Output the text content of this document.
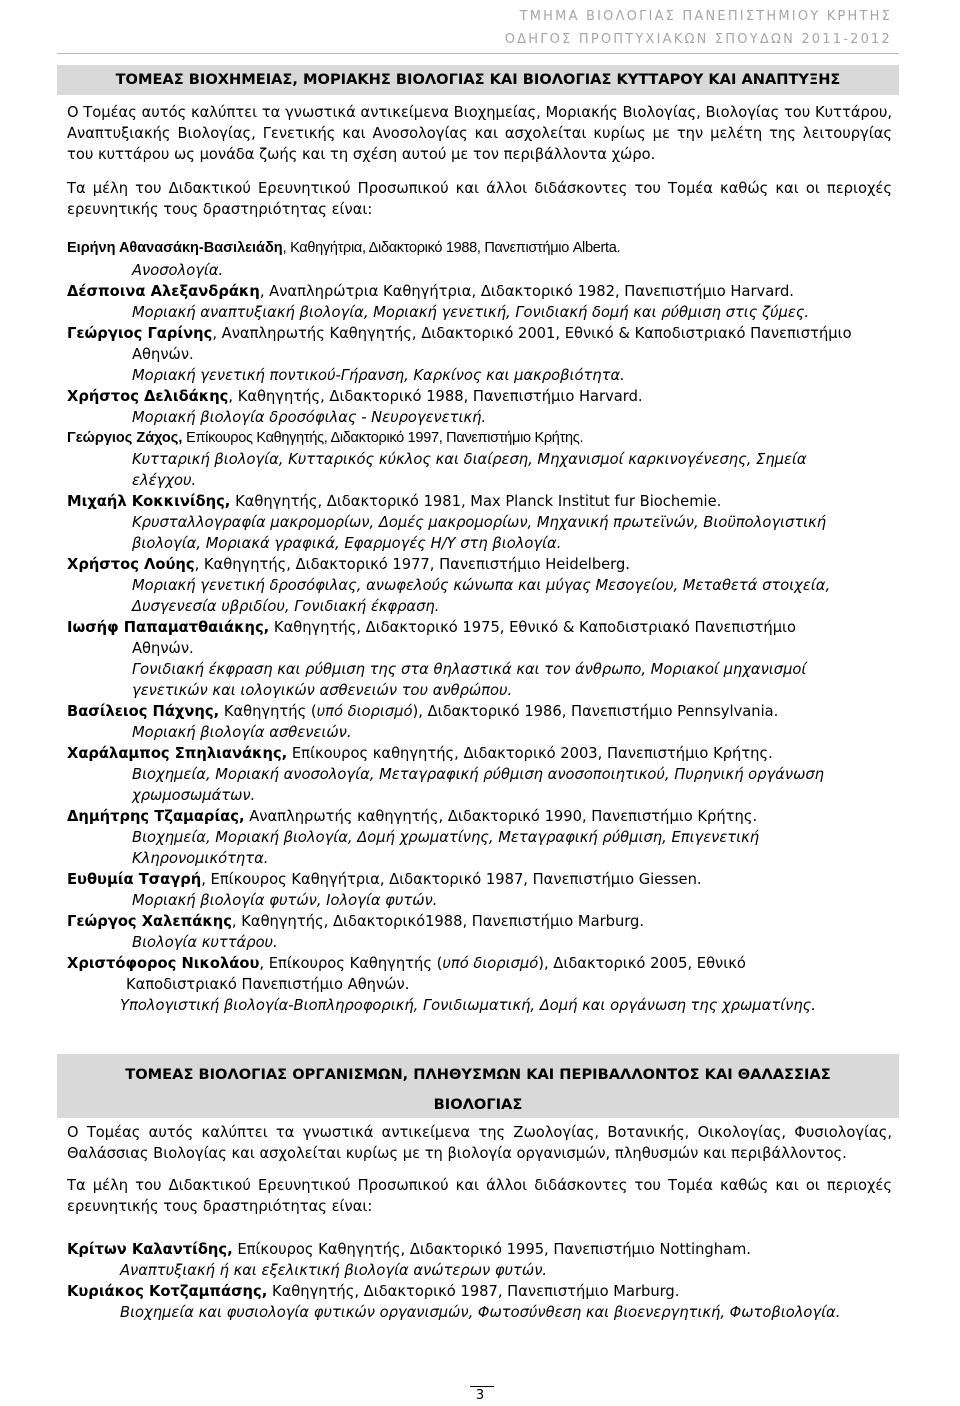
ΤΜΗΜΑ ΒΙΟΛΟΓΙΑΣ ΠΑΝΕΠΙΣΤΗΜΙΟΥ ΚΡΗΤΗΣ
ΟΔΗΓΟΣ ΠΡΟΠΤΥΧΙΑΚΩΝ ΣΠΟΥΔΩΝ 2011-2012
ΤΟΜΕΑΣ ΒΙΟΧΗΜΕΙΑΣ, ΜΟΡΙΑΚΗΣ ΒΙΟΛΟΓΙΑΣ ΚΑΙ ΒΙΟΛΟΓΙΑΣ ΚΥΤΤΑΡΟΥ ΚΑΙ ΑΝΑΠΤΥΞΗΣ

Ο Τομέας αυτός καλύπτει τα γνωστικά αντικείμενα Βιοχημείας, Μοριακής Βιολογίας, Βιολογίας του Κυττάρου, Αναπτυξιακής Βιολογίας, Γενετικής και Ανοσολογίας και ασχολείται κυρίως με την μελέτη της λειτουργίας του κυττάρου ως μονάδα ζωής και τη σχέση αυτού με τον περιβάλλοντα χώρο.

Τα μέλη του Διδακτικού Ερευνητικού Προσωπικού και άλλοι διδάσκοντες του Τομέα καθώς και οι περιοχές ερευνητικής τους δραστηριότητας είναι:

Ειρήνη Αθανασάκη-Βασιλειάδη, Καθηγήτρια, Διδακτορικό 1988, Πανεπιστήμιο Alberta.
Ανοσολογία.
Δέσποινα Αλεξανδράκη, Αναπληρώτρια Καθηγήτρια, Διδακτορικό 1982, Πανεπιστήμιο Harvard.
Μοριακή αναπτυξιακή βιολογία, Μοριακή γενετική, Γονιδιακή δομή και ρύθμιση στις ζύμες.
Γεώργιος Γαρίνης, Αναπληρωτής Καθηγητής, Διδακτορικό 2001, Εθνικό & Καποδιστριακό Πανεπιστήμιο
Αθηνών.
Μοριακή γενετική ποντικού-Γήρανση, Καρκίνος και μακροβιότητα.
Χρήστος Δελιδάκης, Καθηγητής, Διδακτορικό 1988, Πανεπιστήμιο Harvard.
Μοριακή βιολογία δροσόφιλας - Νευρογενετική.
Γεώργιος Ζάχος, Επίκουρος Καθηγητής, Διδακτορικό 1997, Πανεπιστήμιο Κρήτης.
Κυτταρική βιολογία, Κυτταρικός κύκλος και διαίρεση, Μηχανισμοί καρκινογένεσης, Σημεία
ελέγχου.
Μιχαήλ Κοκκινίδης, Καθηγητής, Διδακτορικό 1981, Max Planck Institut fur Biochemie.
Κρυσταλλογραφία μακρομορίων, Δομές μακρομορίων, Μηχανική πρωτεϊνών, Βιοϋπολογιστική
βιολογία, Μοριακά γραφικά, Εφαρμογές Η/Υ στη βιολογία.
Χρήστος Λούης, Καθηγητής, Διδακτορικό 1977, Πανεπιστήμιο Heidelberg.
Μοριακή γενετική δροσόφιλας, ανωφελούς κώνωπα και μύγας Μεσογείου, Μεταθετά στοιχεία,
Δυσγενεσία υβριδίου, Γονιδιακή έκφραση.
Ιωσήφ Παπαματθαιάκης, Καθηγητής, Διδακτορικό 1975, Εθνικό & Καποδιστριακό Πανεπιστήμιο
Αθηνών.
Γονιδιακή έκφραση και ρύθμιση της στα θηλαστικά και τον άνθρωπο, Μοριακοί μηχανισμοί
γενετικών και ιολογικών ασθενειών του ανθρώπου.
Βασίλειος Πάχνης, Καθηγητής (υπό διορισμό), Διδακτορικό 1986, Πανεπιστήμιο Pennsylvania.
Μοριακή βιολογία ασθενειών.
Χαράλαμπος Σπηλιανάκης, Επίκουρος καθηγητής, Διδακτορικό 2003, Πανεπιστήμιο Κρήτης.
Βιοχημεία, Μοριακή ανοσολογία, Μεταγραφική ρύθμιση ανοσοποιητικού, Πυρηνική οργάνωση
χρωμοσωμάτων.
Δημήτρης Τζαμαρίας, Αναπληρωτής καθηγητής, Διδακτορικό 1990, Πανεπιστήμιο Κρήτης.
Βιοχημεία, Μοριακή βιολογία, Δομή χρωματίνης, Μεταγραφική ρύθμιση, Επιγενετική
Κληρονομικότητα.
Ευθυμία Τσαγρή, Επίκουρος Καθηγήτρια, Διδακτορικό 1987, Πανεπιστήμιο Giessen.
Μοριακή βιολογία φυτών, Ιολογία φυτών.
Γεώργος Χαλεπάκης, Καθηγητής, Διδακτορικό1988, Πανεπιστήμιο Marburg.
Βιολογία κυττάρου.
Χριστόφορος Νικολάου, Επίκουρος Καθηγητής (υπό διορισμό), Διδακτορικό 2005, Εθνικό
Καποδιστριακό Πανεπιστήμιο Αθηνών.
Υπολογιστική βιολογία-Βιοπληροφορική, Γονιδιωματική, Δομή και οργάνωση της χρωματίνης.
ΤΟΜΕΑΣ ΒΙΟΛΟΓΙΑΣ ΟΡΓΑΝΙΣΜΩΝ, ΠΛΗΘΥΣΜΩΝ ΚΑΙ ΠΕΡΙΒΑΛΛΟΝΤΟΣ ΚΑΙ ΘΑΛΑΣΣΙΑΣ
ΒΙΟΛΟΓΙΑΣ

Ο Τομέας αυτός καλύπτει τα γνωστικά αντικείμενα της Ζωολογίας, Βοτανικής, Οικολογίας, Φυσιολογίας, Θαλάσσιας Βιολογίας και ασχολείται κυρίως με τη βιολογία οργανισμών, πληθυσμών και περιβάλλοντος.

Τα μέλη του Διδακτικού Ερευνητικού Προσωπικού και άλλοι διδάσκοντες του Τομέα καθώς και οι περιοχές ερευνητικής τους δραστηριότητας είναι:

Κρίτων Καλαντίδης, Επίκουρος Καθηγητής, Διδακτορικό 1995, Πανεπιστήμιο Nottingham.
Αναπτυξιακή ή και εξελικτική βιολογία ανώτερων φυτών.
Κυριάκος Κοτζαμπάσης, Καθηγητής, Διδακτορικό 1987, Πανεπιστήμιο Marburg.
Βιοχημεία και φυσιολογία φυτικών οργανισμών, Φωτοσύνθεση και βιοενεργητική, Φωτοβιολογία.
3
